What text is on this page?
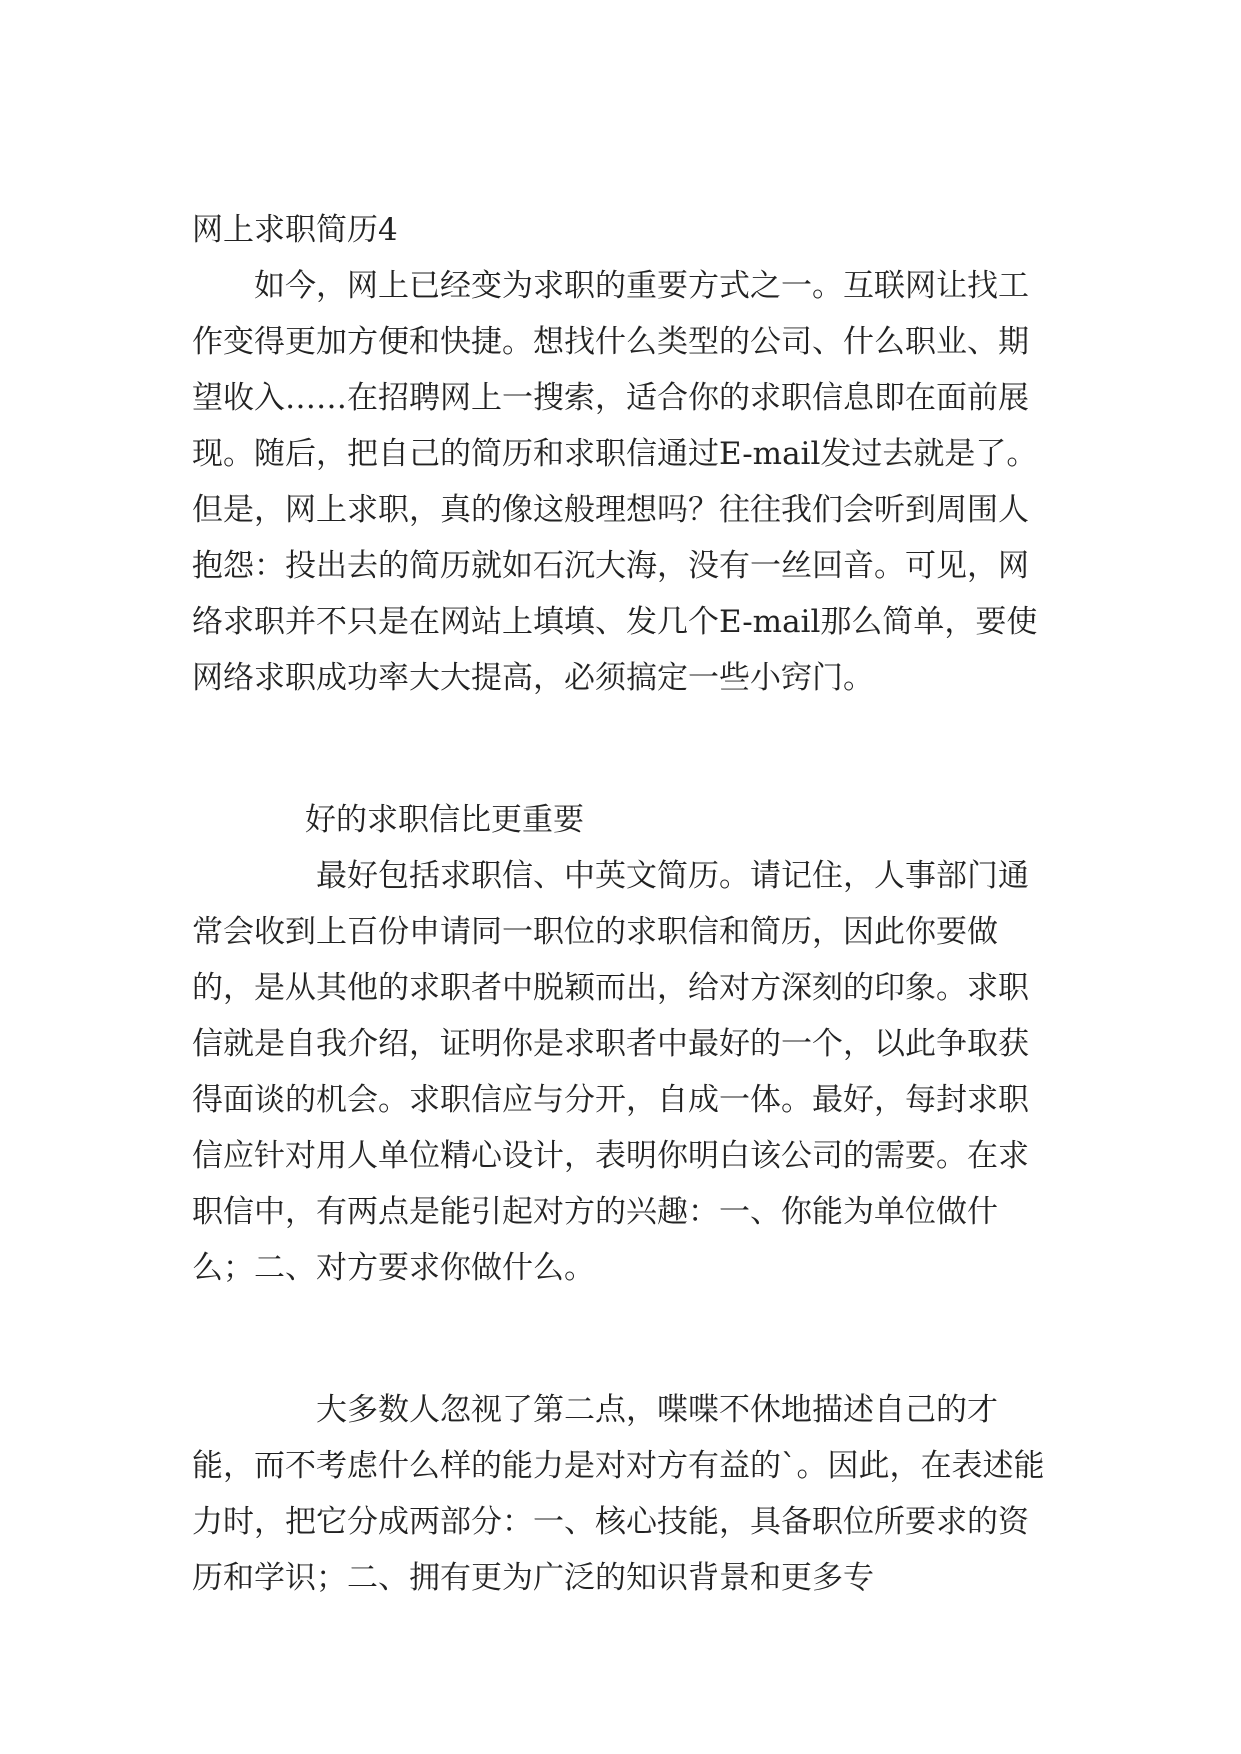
网上求职简历4
　　如今，网上已经变为求职的重要方式之一。互联网让找工作变得更加方便和快捷。想找什么类型的公司、什么职业、期望收入……在招聘网上一搜索，适合你的求职信息即在面前展现。随后，把自己的简历和求职信通过E-mail发过去就是了。但是，网上求职，真的像这般理想吗？往往我们会听到周围人抱怨：投出去的简历就如石沉大海，没有一丝回音。可见，网络求职并不只是在网站上填填、发几个E-mail那么简单，要使网络求职成功率大大提高，必须搞定一些小窍门。
好的求职信比更重要
　　　　最好包括求职信、中英文简历。请记住，人事部门通常会收到上百份申请同一职位的求职信和简历，因此你要做的，是从其他的求职者中脱颖而出，给对方深刻的印象。求职信就是自我介绍，证明你是求职者中最好的一个，以此争取获得面谈的机会。求职信应与分开，自成一体。最好，每封求职信应针对用人单位精心设计，表明你明白该公司的需要。在求职信中，有两点是能引起对方的兴趣：一、你能为单位做什么；二、对方要求你做什么。
　　　　大多数人忽视了第二点，喋喋不休地描述自己的才能，而不考虑什么样的能力是对对方有益的`。因此，在表述能力时，把它分成两部分：一、核心技能，具备职位所要求的资历和学识；二、拥有更为广泛的知识背景和更多专
